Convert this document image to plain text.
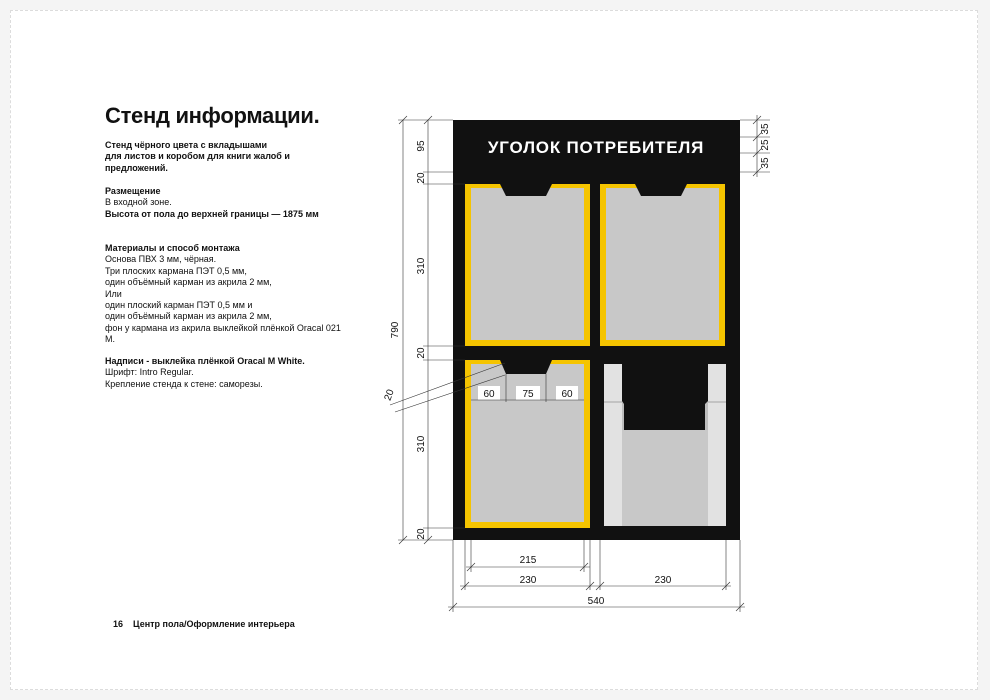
Стенд информации.

Стенд чёрного цвета с вкладышами

для листов и коробом для книги жалоб и

предложений.

Размещение

В входной зоне.

Высота от пола до верхней границы — 1875 мм

Материалы и способ монтажа

Основа ПВХ 3 мм, чёрная.

Три плоских кармана ПЭТ 0,5 мм,

один объёмный карман из акрила 2 мм,

Или

один плоский карман ПЭТ 0,5 мм и

один объёмный карман из акрила 2 мм,

фон у кармана из акрила выклейкой плёнкой Oracal 021

М.

Надписи - выклейка плёнкой Oracal M White.

Шрифт: Intro Regular.

Крепление стенда к стене: саморезы.

16 Центр пола/Оформление интерьера
УГОЛОК ПОТРЕБИТЕЛЯ
95
20
310
20
310
20
790
20
35
25
35
60	75	60
215
230	230
540
